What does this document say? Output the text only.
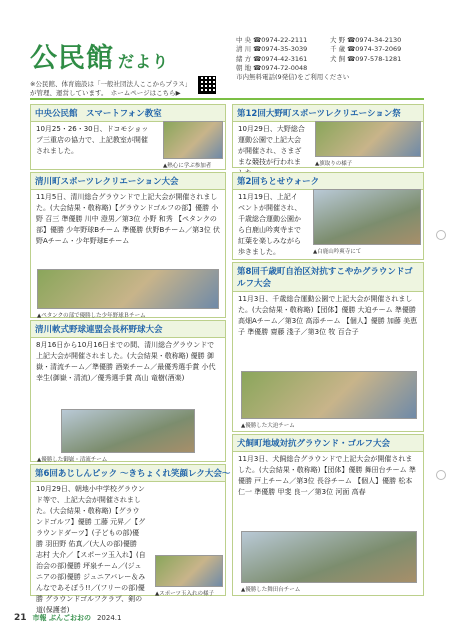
公民館 だより
※公民館、体育施設は「一般社団法人ここからプラス」が管理、運営しています。　ホームページはこちら▶
中 央 ☎0974-22-2111	大 野 ☎0974-34-2130
清 川 ☎0974-35-3039	千 歳 ☎0974-37-2069
緒 方 ☎0974-42-3161	犬 飼 ☎097-578-1281
朝 地 ☎0974-72-0048
市内無料電話(9発信)をご利用ください
中央公民館　スマートフォン教室

10月25・26・30日、ドコモショップ三重店の協力で、上記教室が開催されました。

▲熱心に学ぶ参加者
清川町スポーツレクリエーション大会

11月5日、清川総合グラウンドで上記大会が開催されました。(大会結果・敬称略)【グラウンドゴルフの部】優勝 小野 召三 準優勝 川中 澄男／第3位 小野 和秀 【ペタンクの部】優勝 少年野球Bチーム 準優勝 伏野Bチーム／第3位 伏野Aチーム・少年野球Eチーム

▲ペタンクの部で優勝した少年野球Ｂチーム
清川軟式野球連盟会長杯野球大会

8月16日から10月16日までの間、清川総合グラウンドで上記大会が開催されました。(大会結果・敬称略) 優勝 御嶽・清流チーム／準優勝 酒楽チーム／最優秀選手賞 小代 幸生(御嶽・清流)／優秀選手賞 高山 竜樹(酒楽)

▲優勝した御嶽・清流チーム
第6回あじしんピック ～きちょくれ笑顔レク大会～

10月29日、朝地小中学校グラウンド等で、上記大会が開催されました。(大会結果・敬称略)【グラウンドゴルフ】優勝 工藤 元昇／【グラウンドダーツ】(子どもの部)優勝 羽田野 佑真／(大人の部)優勝 志村 大介／【スポーツ玉入れ】(自治会の部)優勝 坪泉チーム／(ジュニアの部)優勝 ジュニアバレー＆みんなであそぼう!!／(フリーの部)優勝 グラウンドゴルフクラブ、剣の道(保護者)

▲スポーツ玉入れの様子
第12回大野町スポーツレクリエーション祭

10月29日、大野総合運動公園で上記大会が開催され、さまざまな競技が行われま	▲旗取りの様子
第2回ちとせウォーク

11月19日、上記イベントが開催され、千歳総合運動公園から白鹿山吟爽寺まで紅葉を楽しみながら歩きました。	▲白鹿山吟爽寺にて
第8回千歳町自治区対抗すこやかグラウンドゴルフ大会

11月3日、千歳総合運動公園で上記大会が開催されました。(大会結果・敬称略)【団体】優勝 大迫チーム 準優勝 高畑Aチーム／第3位 高添チーム 【個人】優勝 加藤 美恵子 準優勝 齋藤 淺子／第3位 牧 百合子

▲優勝した大迫チーム
犬飼町地域対抗グラウンド・ゴルフ大会

11月3日、犬飼総合グラウンドで上記大会が開催されました。(大会結果・敬称略)【団体】優勝 舞田台チーム 準優勝 戸上チーム／第3位 長谷チーム 【個人】優勝 松本 仁一 準優勝 甲斐 良一／第3位 河面 高春

▲優勝した舞田台チーム
21 市報 ぶんごおおの 2024.1
